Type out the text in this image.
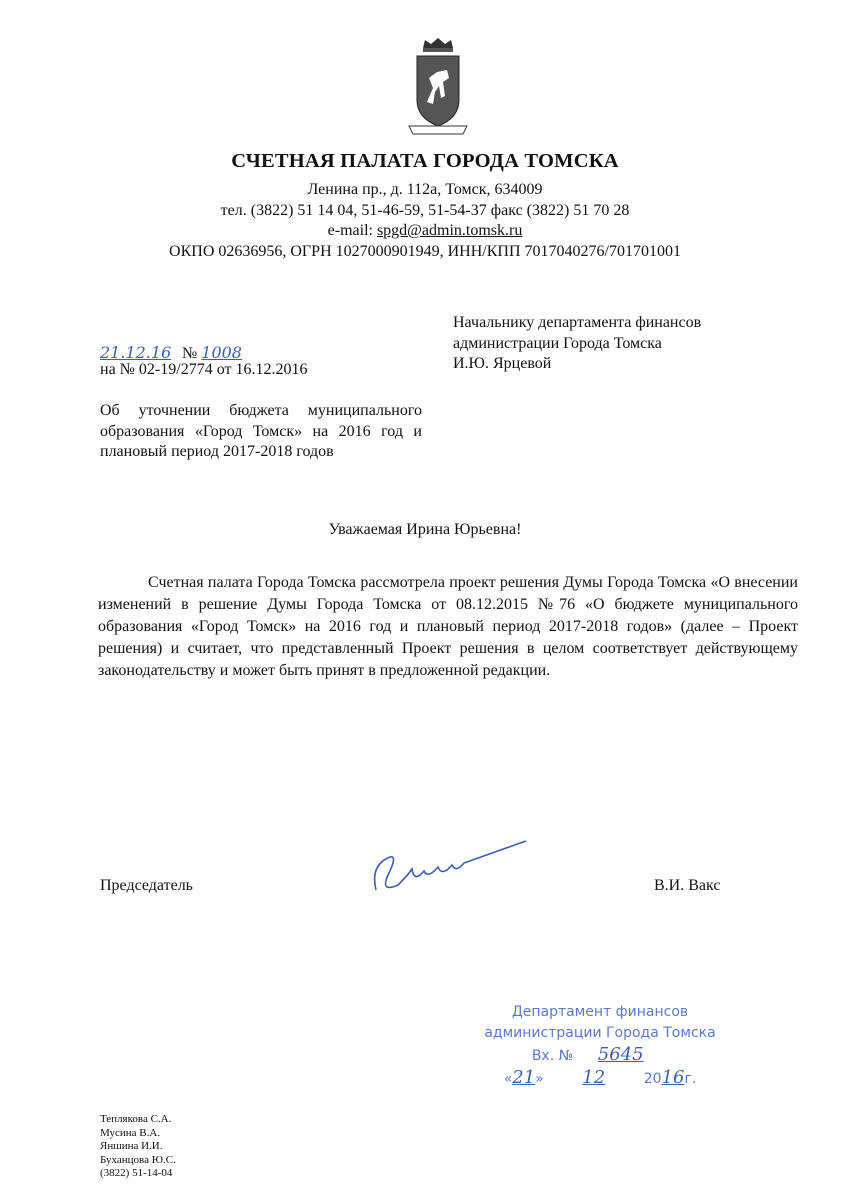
СЧЕТНАЯ ПАЛАТА ГОРОДА ТОМСКА
Ленина пр., д. 112а, Томск, 634009
тел. (3822) 51 14 04, 51-46-59, 51-54-37 факс (3822) 51 70 28
e-mail: spgd@admin.tomsk.ru
ОКПО 02636956, ОГРН 1027000901949, ИНН/КПП 7017040276/701701001
21.12.16 № 1008
на № 02-19/2774 от 16.12.2016
Начальнику департамента финансов
администрации Города Томска
И.Ю. Ярцевой
Об уточнении бюджета муниципального
образования «Город Томск» на 2016 год и
плановый период 2017-2018 годов
Уважаемая Ирина Юрьевна!
Счетная палата Города Томска рассмотрела проект решения Думы Города Томска «О внесении изменений в решение Думы Города Томска от 08.12.2015 №76 «О бюджете муниципального образования «Город Томск» на 2016 год и плановый период 2017-2018 годов» (далее – Проект решения) и считает, что представленный Проект решения в целом соответствует действующему законодательству и может быть принят в предложенной редакции.
Председатель	В.И. Вакс
Департамент финансов
администрации Города Томска
Вх. № 5645
«21» 12	2016г.
Теплякова С.А.
Мусина В.А.
Яншина И.И.
Буханцова Ю.С.
(3822) 51-14-04
